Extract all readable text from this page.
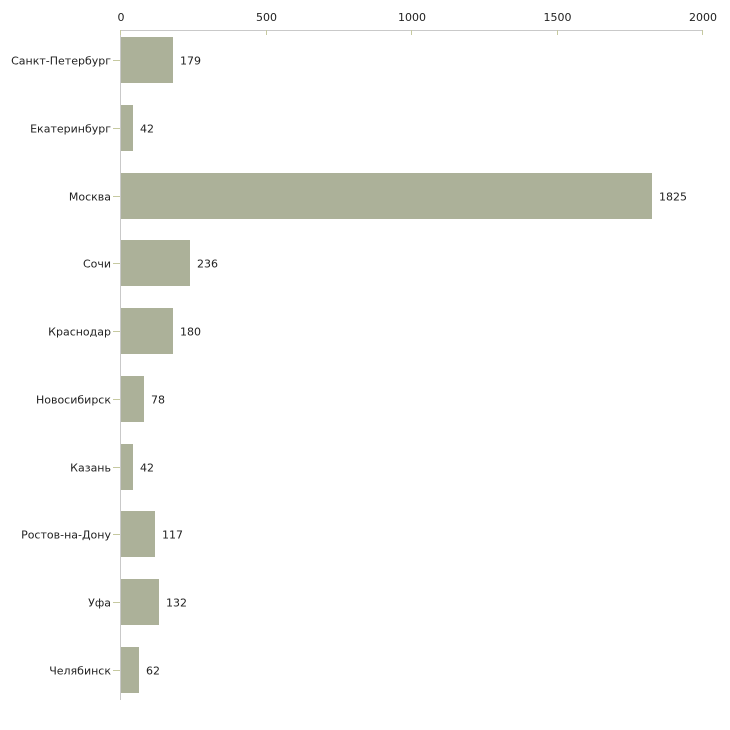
0	500	1000	1500	2000
Санкт-Петербург	179
Екатеринбург	42
Москва	1825
Сочи	236
Краснодар	180
Новосибирск	78
Казань	42
Ростов-на-Дону	117
Уфа	132
Челябинск	62
